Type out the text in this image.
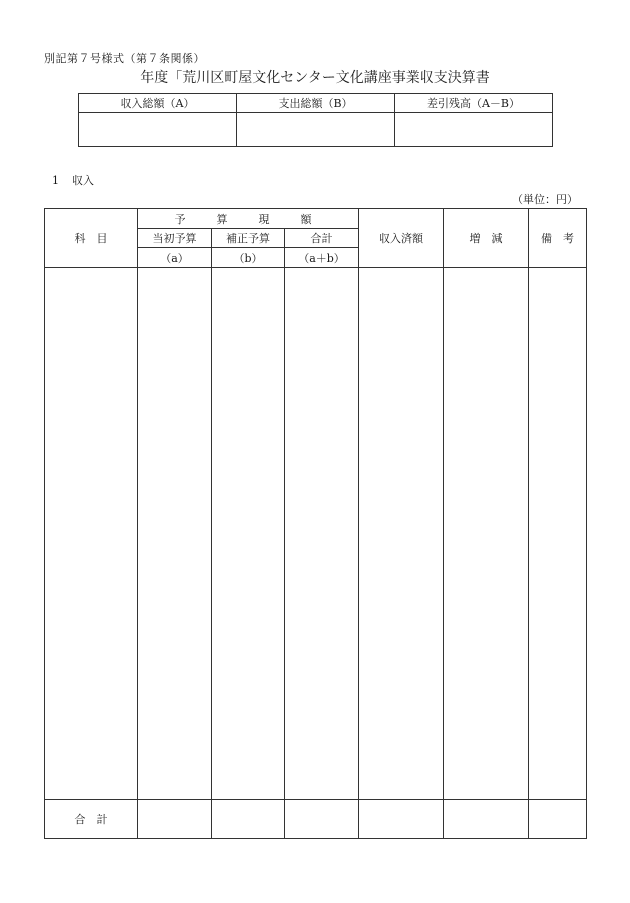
別記第７号様式（第７条関係）
年度「荒川区町屋文化センター文化講座事業収支決算書
収入総額（A）	支出総額（B）	差引残高（A－B）

1 収入
（単位：円）
科　目	予　算　現　額			収入済額	増　減	備　考
	当初予算	補正予算	合計			
	（a）	（b）	（a＋b）			

合　計						
